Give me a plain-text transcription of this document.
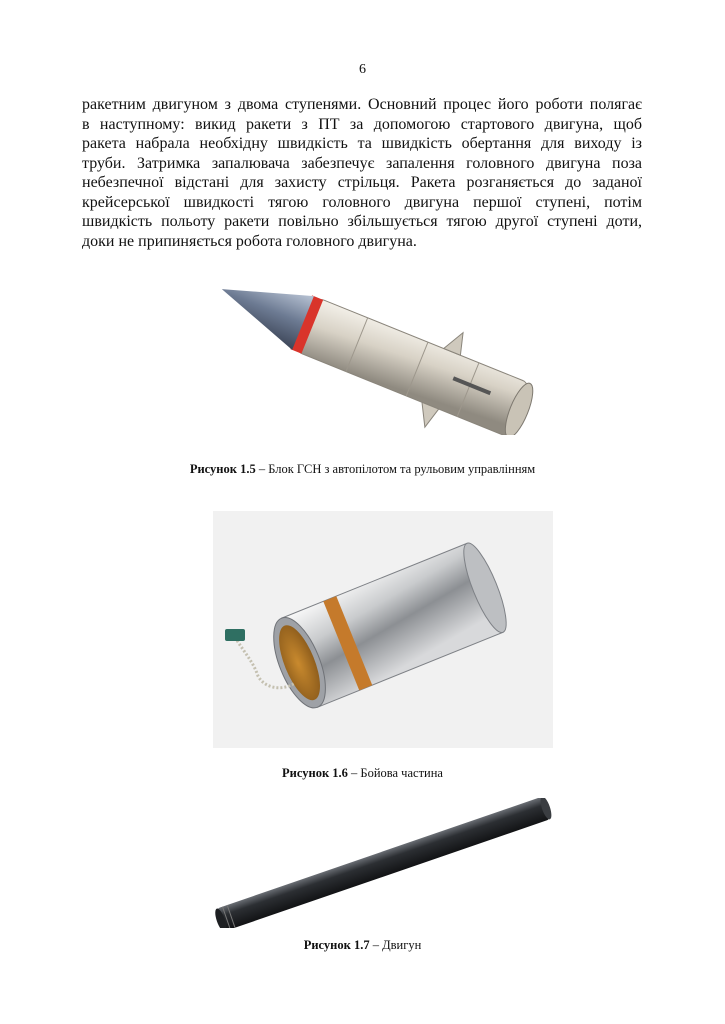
6
ракетним двигуном з двома ступенями. Основний процес його роботи полягає
в наступному: викид ракети з ПТ за допомогою стартового двигуна, щоб
ракета набрала необхідну швидкість та швидкість обертання для виходу із
труби. Затримка запалювача забезпечує запалення головного двигуна поза
небезпечної відстані для захисту стрільця. Ракета розганяється до заданої
крейсерської швидкості тягою головного двигуна першої ступені, потім
швидкість польоту ракети повільно збільшується тягою другої ступені доти,
доки не припиняється робота головного двигуна.
Рисунок 1.5 – Блок ГСН з автопілотом та рульовим управлінням
Рисунок 1.6 – Бойова частина
Рисунок 1.7 – Двигун
